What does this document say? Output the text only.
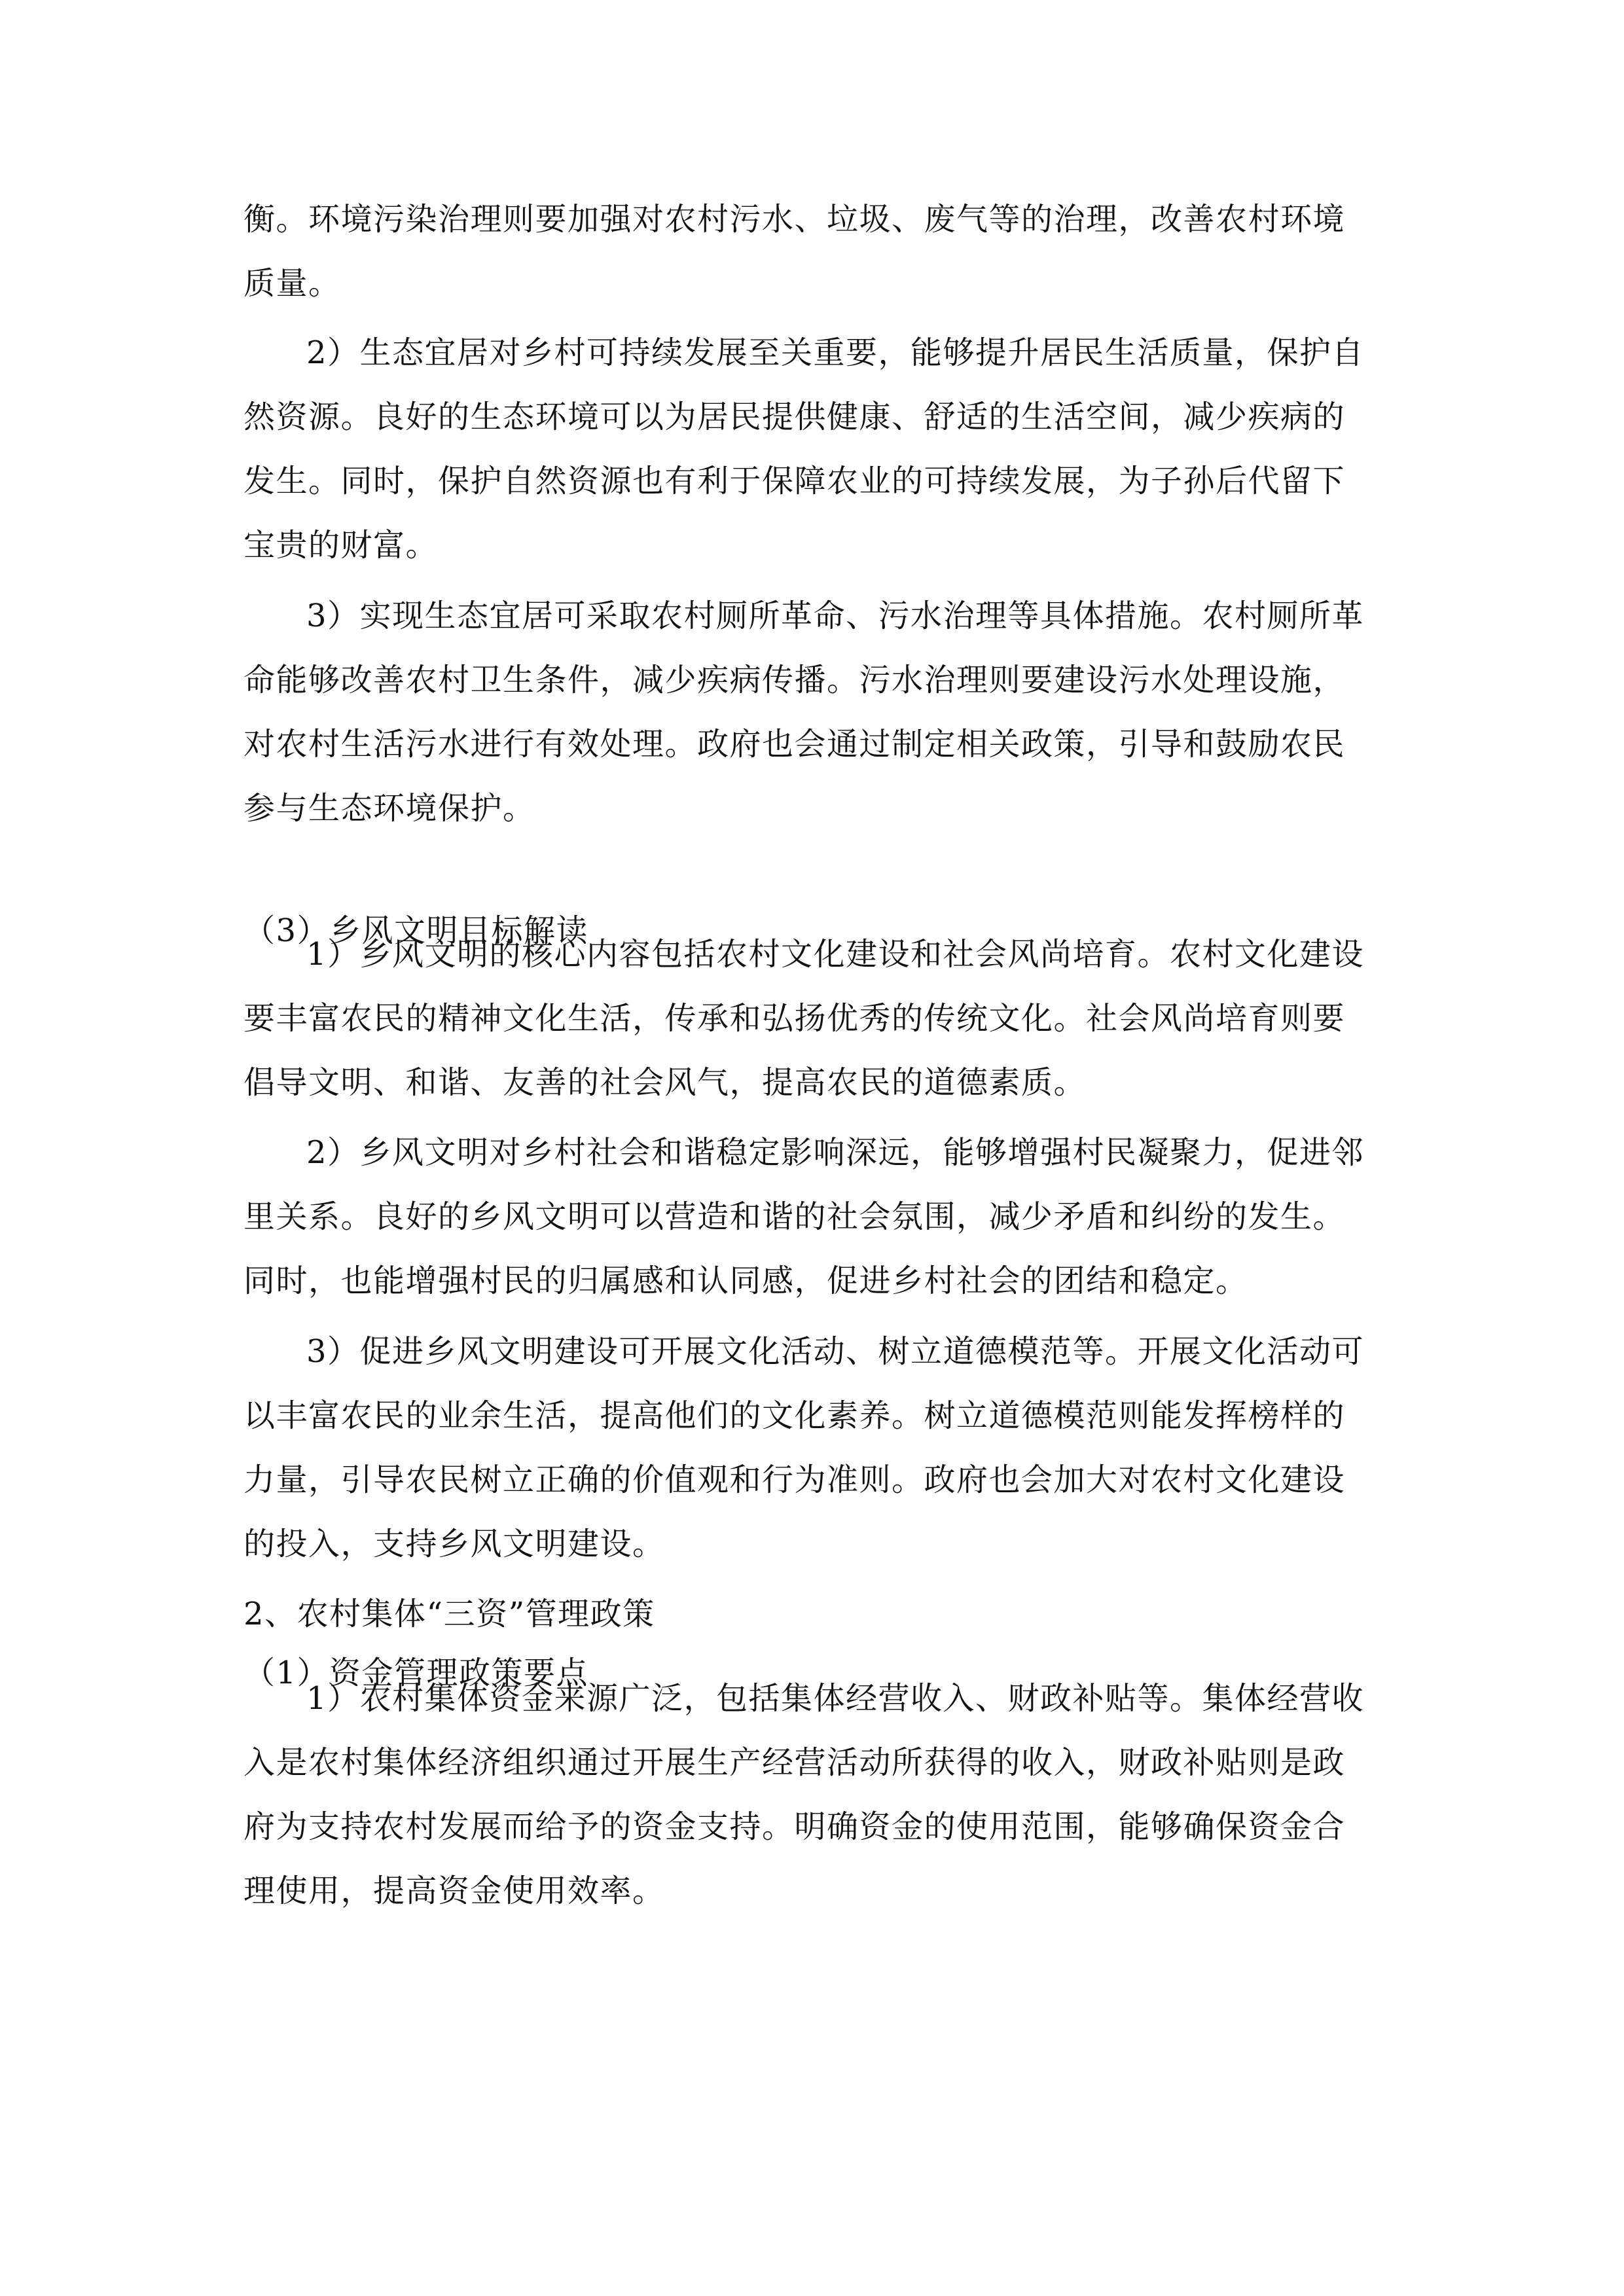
衡。环境污染治理则要加强对农村污水、垃圾、废气等的治理，改善农村环境
质量。
2）生态宜居对乡村可持续发展至关重要，能够提升居民生活质量，保护自
然资源。良好的生态环境可以为居民提供健康、舒适的生活空间，减少疾病的
发生。同时，保护自然资源也有利于保障农业的可持续发展，为子孙后代留下
宝贵的财富。
3）实现生态宜居可采取农村厕所革命、污水治理等具体措施。农村厕所革
命能够改善农村卫生条件，减少疾病传播。污水治理则要建设污水处理设施，
对农村生活污水进行有效处理。政府也会通过制定相关政策，引导和鼓励农民
参与生态环境保护。
（3）乡风文明目标解读
1）乡风文明的核心内容包括农村文化建设和社会风尚培育。农村文化建设
要丰富农民的精神文化生活，传承和弘扬优秀的传统文化。社会风尚培育则要
倡导文明、和谐、友善的社会风气，提高农民的道德素质。
2）乡风文明对乡村社会和谐稳定影响深远，能够增强村民凝聚力，促进邻
里关系。良好的乡风文明可以营造和谐的社会氛围，减少矛盾和纠纷的发生。
同时，也能增强村民的归属感和认同感，促进乡村社会的团结和稳定。
3）促进乡风文明建设可开展文化活动、树立道德模范等。开展文化活动可
以丰富农民的业余生活，提高他们的文化素养。树立道德模范则能发挥榜样的
力量，引导农民树立正确的价值观和行为准则。政府也会加大对农村文化建设
的投入，支持乡风文明建设。
2、农村集体“三资”管理政策
（1）资金管理政策要点
1）农村集体资金来源广泛，包括集体经营收入、财政补贴等。集体经营收
入是农村集体经济组织通过开展生产经营活动所获得的收入，财政补贴则是政
府为支持农村发展而给予的资金支持。明确资金的使用范围，能够确保资金合
理使用，提高资金使用效率。
